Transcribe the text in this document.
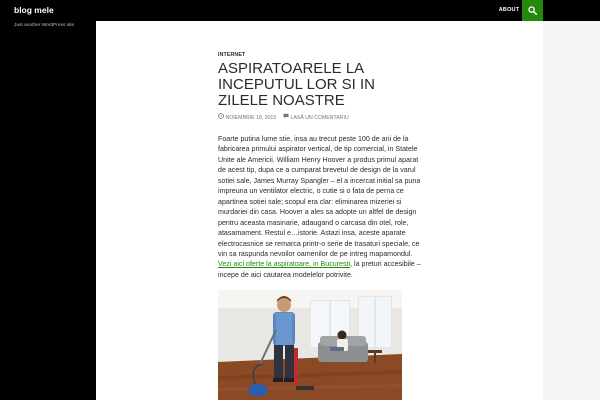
blog mele	ABOUT
Just another WordPress site
INTERNET
ASPIRATOARELE LA INCEPUTUL LOR SI IN ZILELE NOASTRE
NOIEMBRIE 18, 2015	LASĂ UN COMENTARIU

Foarte putina lume stie, insa au trecut peste 100 de ani de la fabricarea primului aspirator vertical, de tip comercial, in Statele Unite ale Americii. William Henry Hoover a produs primul aparat de acest tip, dupa ce a cumparat brevetul de design de la varul sotiei sale, James Murray Spangler – el a incercat initial sa puna impreuna un ventilator electric, o cutie si o fata de perna ce apartinea sotiei sale; scopul era clar: eliminarea mizeriei si murdariei din casa. Hoover a ales sa adopte un altfel de design pentru aceasta masinarie, adaugand o carcasa din otel, role, atasamament. Restul e…istorie. Astazi insa, aceste aparate electrocasnice se remarca printr-o serie de trasaturi speciale, ce vin sa raspunda nevoilor oamenilor de pe intreg mapamondul.
Vezi aici oferte la aspiratoare, in Bucuresti, la preturi accesibile – incepe de aici cautarea modelelor potrivite.
